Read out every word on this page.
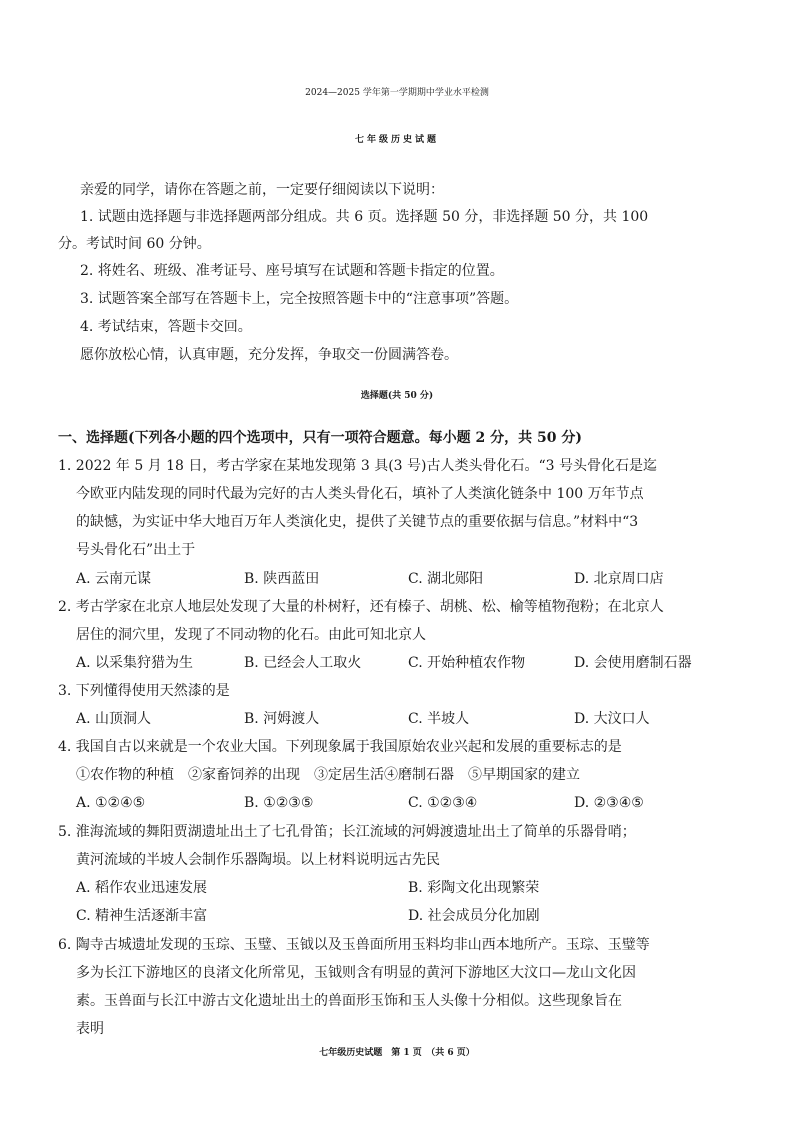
2024—2025 学年第一学期期中学业水平检测
七年级历史试题
亲爱的同学，请你在答题之前，一定要仔细阅读以下说明：
1. 试题由选择题与非选择题两部分组成。共 6 页。选择题 50 分，非选择题 50 分，共 100
分。考试时间 60 分钟。
2. 将姓名、班级、准考证号、座号填写在试题和答题卡指定的位置。
3. 试题答案全部写在答题卡上，完全按照答题卡中的“注意事项”答题。
4. 考试结束，答题卡交回。
愿你放松心情，认真审题，充分发挥，争取交一份圆满答卷。
选择题(共 50 分)
一、选择题(下列各小题的四个选项中，只有一项符合题意。每小题 2 分，共 50 分)
1. 2022 年 5 月 18 日，考古学家在某地发现第 3 具(3 号)古人类头骨化石。“3 号头骨化石是迄
今欧亚内陆发现的同时代最为完好的古人类头骨化石，填补了人类演化链条中 100 万年节点
的缺憾，为实证中华大地百万年人类演化史，提供了关键节点的重要依据与信息。”材料中“3
号头骨化石”出土于
A. 云南元谋	B. 陕西蓝田	C. 湖北郧阳	D. 北京周口店
2. 考古学家在北京人地层处发现了大量的朴树籽，还有榛子、胡桃、松、榆等植物孢粉；在北京人
居住的洞穴里，发现了不同动物的化石。由此可知北京人
A. 以采集狩猎为生	B. 已经会人工取火	C. 开始种植农作物	D. 会使用磨制石器
3. 下列懂得使用天然漆的是
A. 山顶洞人	B. 河姆渡人	C. 半坡人	D. 大汶口人
4. 我国自古以来就是一个农业大国。下列现象属于我国原始农业兴起和发展的重要标志的是
①农作物的种植　②家畜饲养的出现　③定居生活④磨制石器　⑤早期国家的建立
A. ①②④⑤	B. ①②③⑤	C. ①②③④	D. ②③④⑤
5. 淮海流域的舞阳贾湖遗址出土了七孔骨笛；长江流域的河姆渡遗址出土了简单的乐器骨哨；
黄河流域的半坡人会制作乐器陶埙。以上材料说明远古先民
A. 稻作农业迅速发展	B. 彩陶文化出现繁荣
C. 精神生活逐渐丰富	D. 社会成员分化加剧
6. 陶寺古城遗址发现的玉琮、玉璧、玉钺以及玉兽面所用玉料均非山西本地所产。玉琮、玉璧等
多为长江下游地区的良渚文化所常见，玉钺则含有明显的黄河下游地区大汶口—龙山文化因
素。玉兽面与长江中游古文化遗址出土的兽面形玉饰和玉人头像十分相似。这些现象旨在
表明
七年级历史试题　第 1 页　（共 6 页）
